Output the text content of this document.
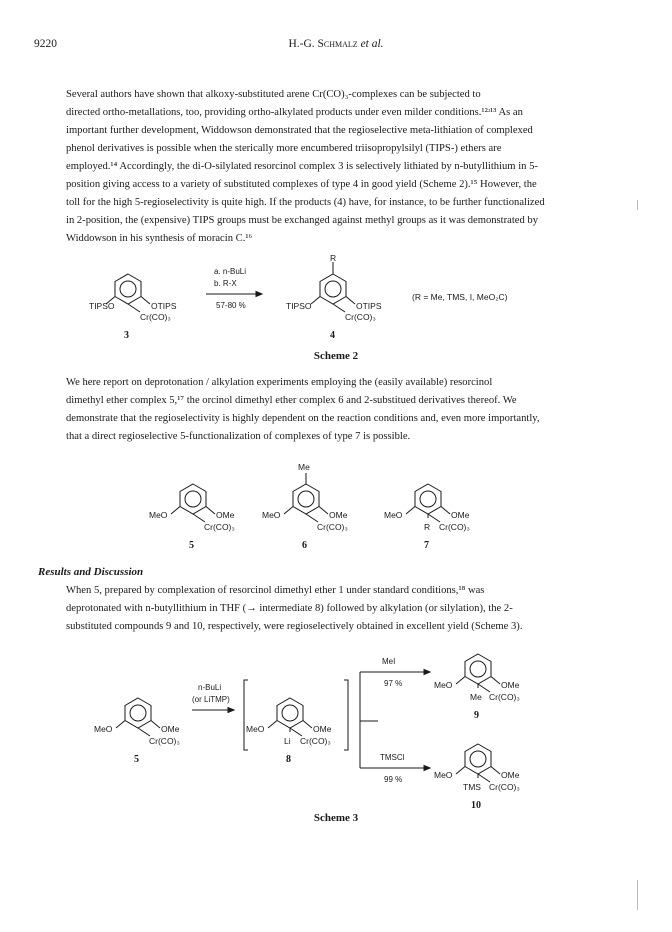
9220	H.-G. Schmalz et al.

Several authors have shown that alkoxy-substituted arene Cr(CO)₃-complexes can be subjected to
directed ortho-metallations, too, providing ortho-alkylated products under even milder conditions.¹²ʴ¹³ As an
important further development, Widdowson demonstrated that the regioselective meta-lithiation of complexed
phenol derivatives is possible when the sterically more encumbered triisopropylsilyl (TIPS-) ethers are
employed.¹⁴ Accordingly, the di-O-silylated resorcinol complex 3 is selectively lithiated by n-butyllithium in 5-
position giving access to a variety of substituted complexes of type 4 in good yield (Scheme 2).¹⁵ However, the
toll for the high 5-regioselectivity is quite high. If the products (4) have, for instance, to be further functionalized
in 2-position, the (expensive) TIPS groups must be exchanged against methyl groups as it was demonstrated by
Widdowson in his synthesis of moracin C.¹⁶

TIPSO	OTIPS
Cr(CO)₃
3
a. n-BuLi
b. R-X
57-80 %
R
TIPSO	OTIPS
Cr(CO)₃
4
(R = Me, TMS, I, MeO₂C)
Scheme 2

We here report on deprotonation / alkylation experiments employing the (easily available) resorcinol
dimethyl ether complex 5,¹⁷ the orcinol dimethyl ether complex 6 and 2-substitued derivatives thereof. We
demonstrate that the regioselectivity is highly dependent on the reaction conditions and, even more importantly,
that a direct regioselective 5-functionalization of complexes of type 7 is possible.

MeO	OMe
Cr(CO)₃
5
Me
MeO	OMe
Cr(CO)₃
6
MeO	OMe
R Cr(CO)₃
7
Results and Discussion

When 5, prepared by complexation of resorcinol dimethyl ether 1 under standard conditions,¹⁸ was
deprotonated with n-butyllithium in THF (→ intermediate 8) followed by alkylation (or silylation), the 2-
substituted compounds 9 and 10, respectively, were regioselectively obtained in excellent yield (Scheme 3).

MeO	OMe
Cr(CO)₃
5
n-BuLi
(or LiTMP)
MeO	OMe
Li Cr(CO)₃
8
MeI
97 %
TMSCl
99 %
MeO	OMe
Me Cr(CO)₃
9
MeO	OMe
TMS Cr(CO)₃
10
Scheme 3
